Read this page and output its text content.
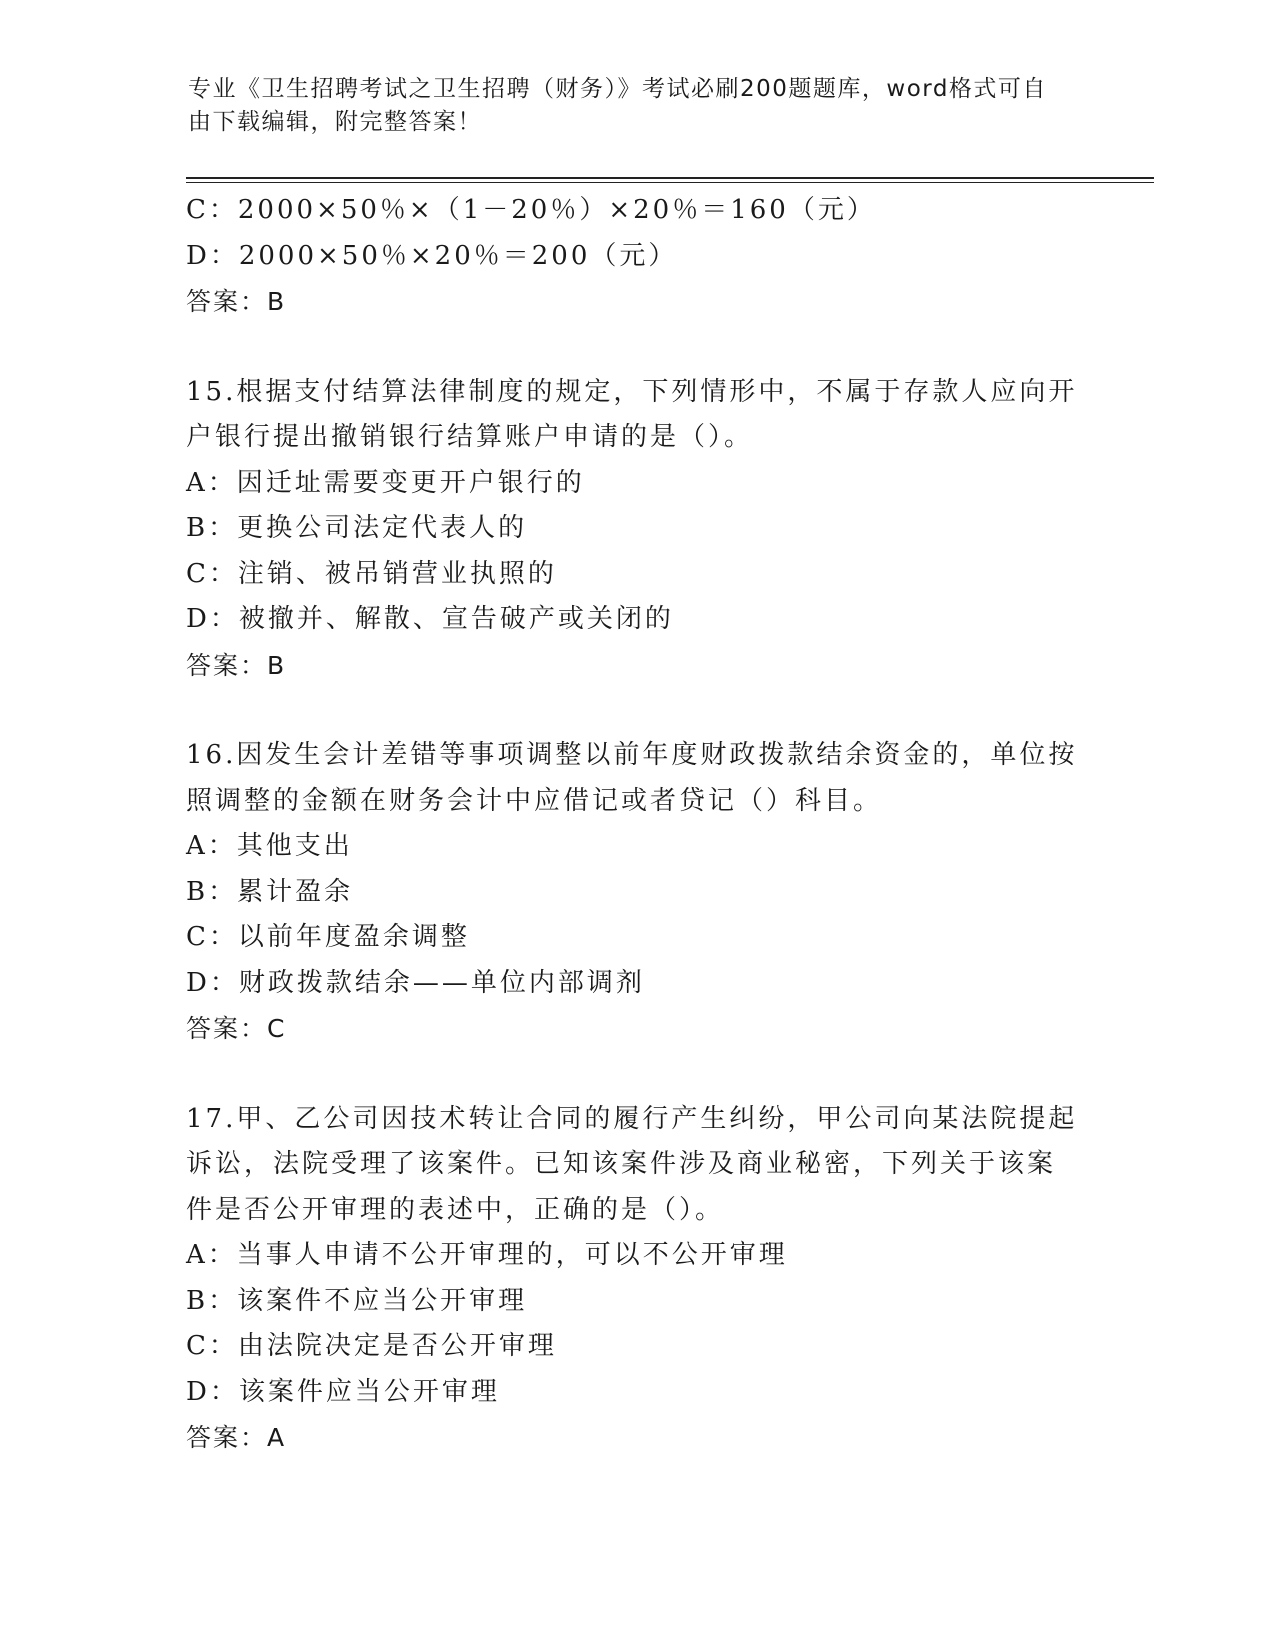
专业《卫生招聘考试之卫生招聘（财务）》考试必刷200题题库，word格式可自由下载编辑，附完整答案！
C：2000×50％×（1－20％）×20％＝160（元）
D：2000×50％×20％＝200（元）
答案：B
15.根据支付结算法律制度的规定，下列情形中，不属于存款人应向开
户银行提出撤销银行结算账户申请的是（）。
A：因迁址需要变更开户银行的
B：更换公司法定代表人的
C：注销、被吊销营业执照的
D：被撤并、解散、宣告破产或关闭的
答案：B
16.因发生会计差错等事项调整以前年度财政拨款结余资金的，单位按
照调整的金额在财务会计中应借记或者贷记（）科目。
A：其他支出
B：累计盈余
C：以前年度盈余调整
D：财政拨款结余——单位内部调剂
答案：C
17.甲、乙公司因技术转让合同的履行产生纠纷，甲公司向某法院提起
诉讼，法院受理了该案件。已知该案件涉及商业秘密，下列关于该案
件是否公开审理的表述中，正确的是（）。
A：当事人申请不公开审理的，可以不公开审理
B：该案件不应当公开审理
C：由法院决定是否公开审理
D：该案件应当公开审理
答案：A
